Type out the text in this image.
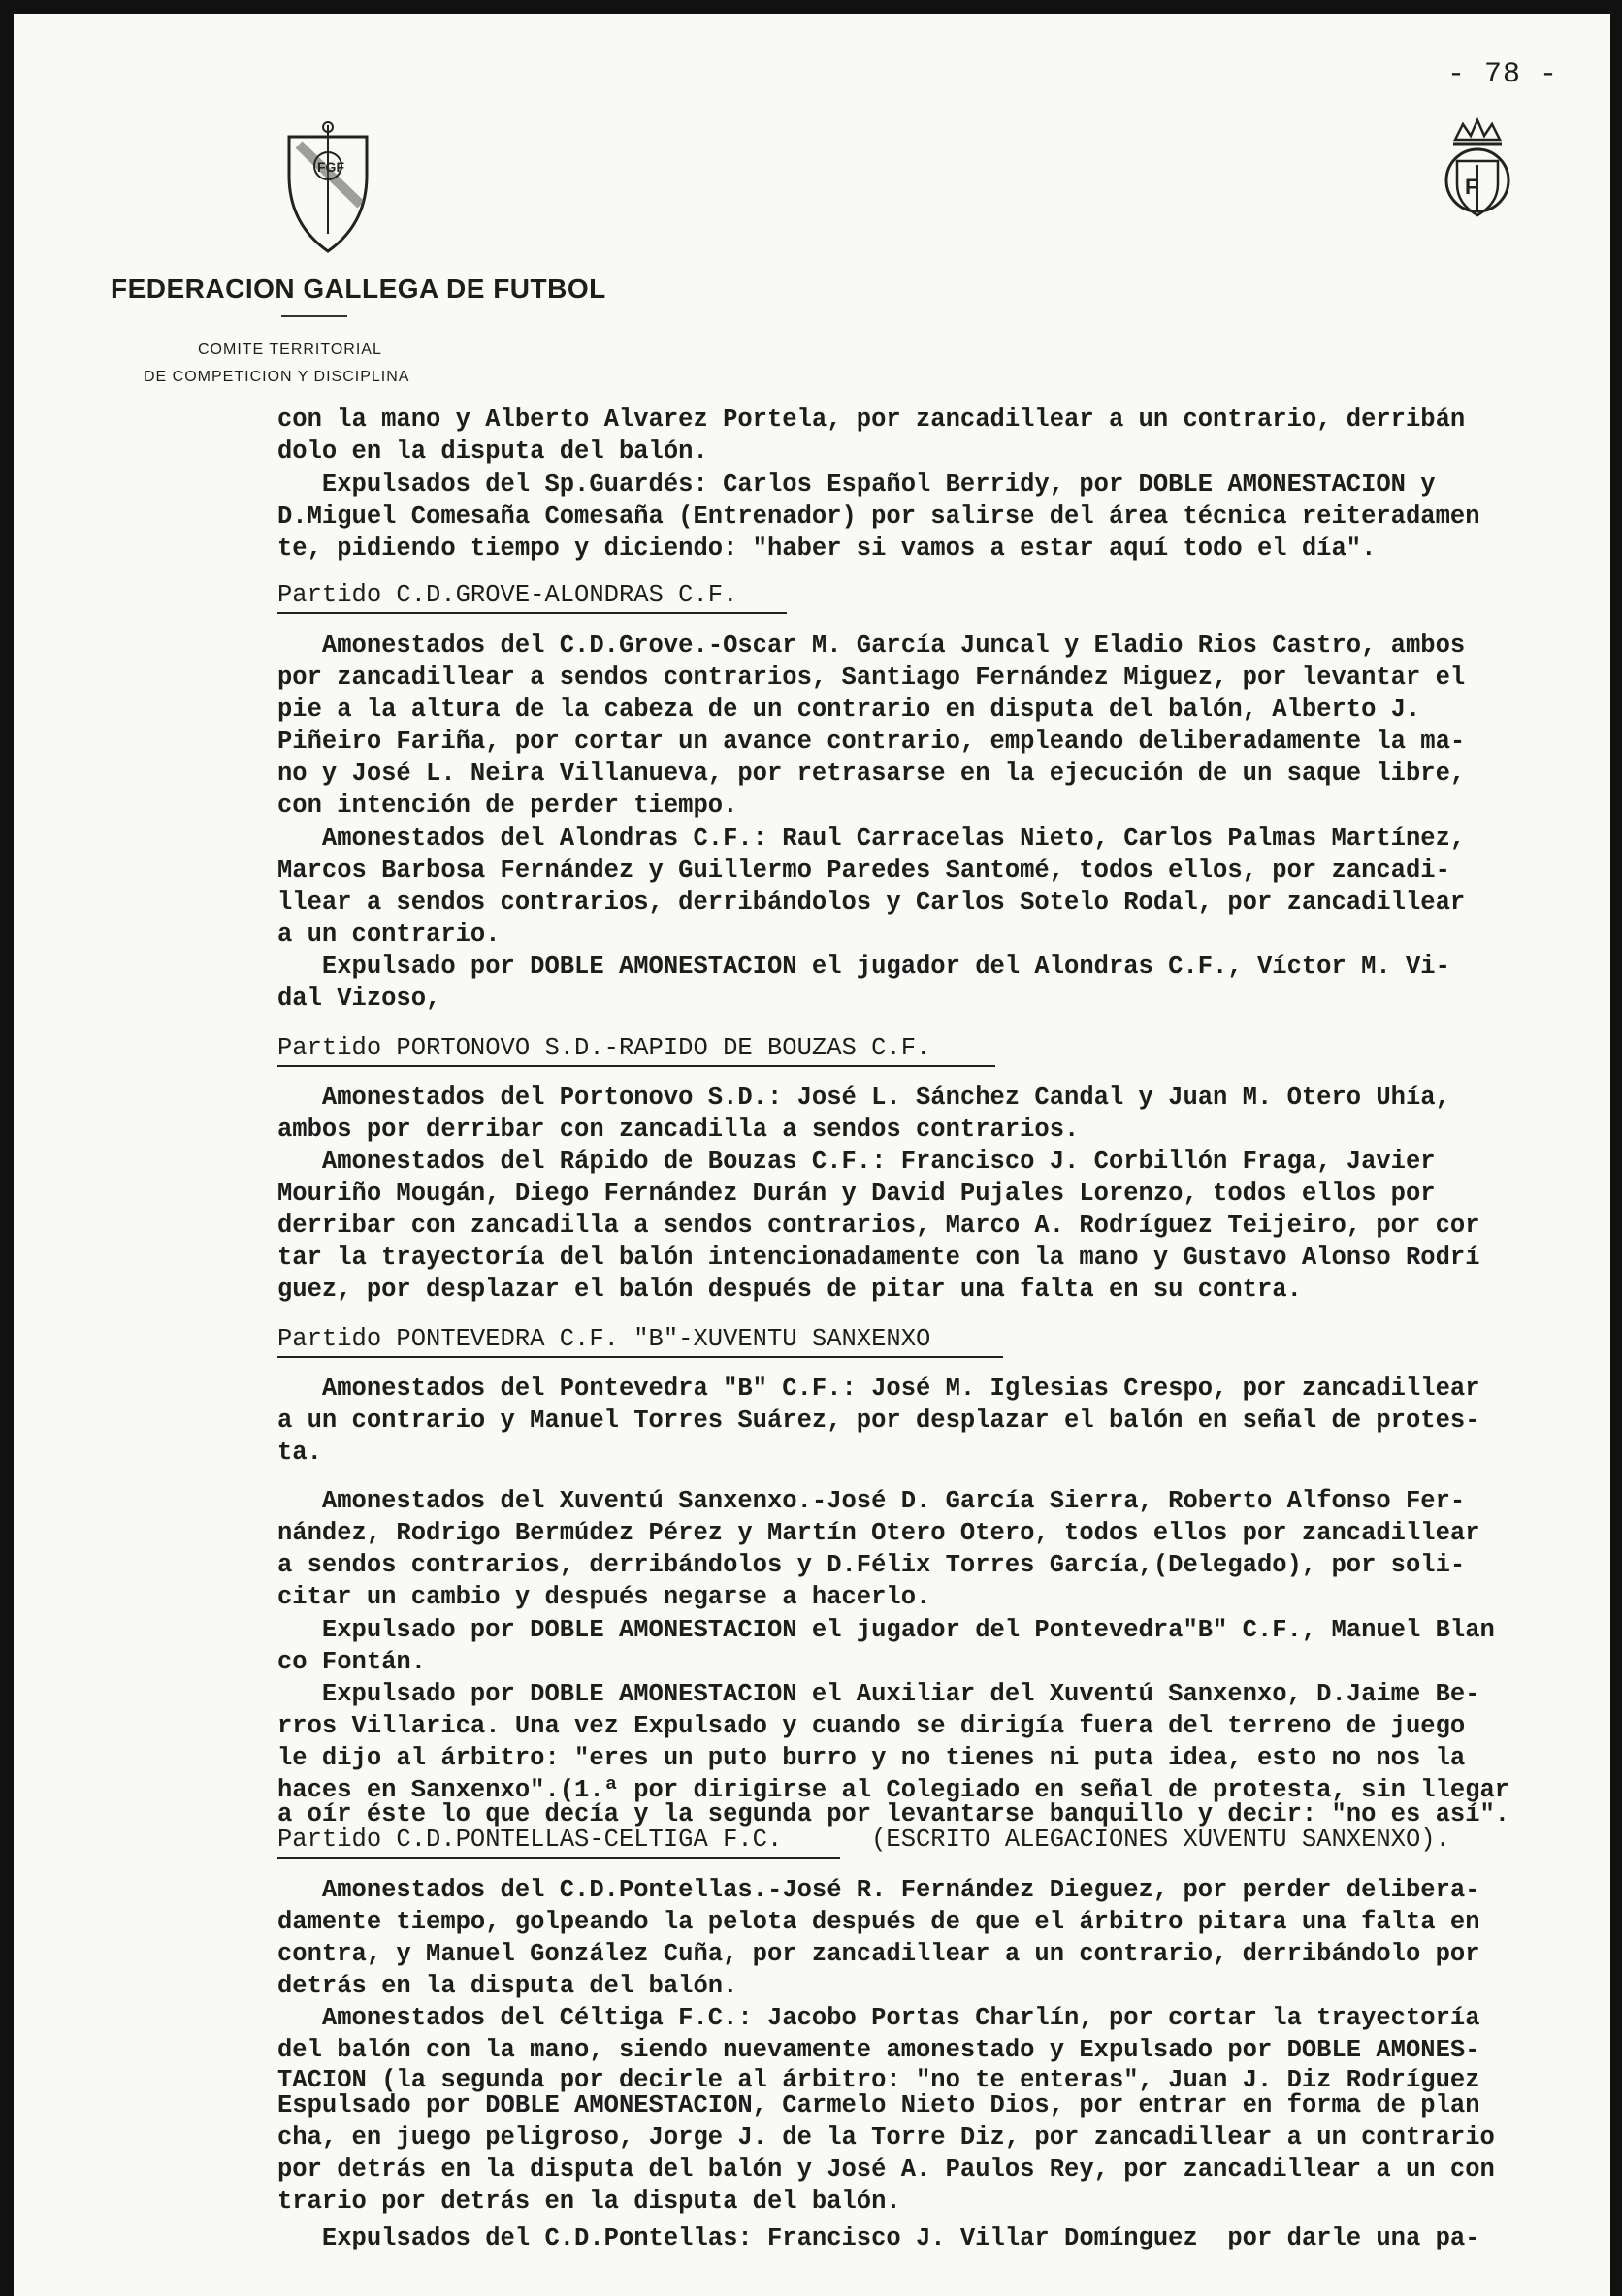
- 78 -
FGF
FEDERACION GALLEGA DE FUTBOL
COMITE TERRITORIAL
DE COMPETICION Y DISCIPLINA
F
con la mano y Alberto Alvarez Portela, por zancadillear a un contrario, derribán
dolo en la disputa del balón.
Expulsados del Sp.Guardés: Carlos Español Berridy, por DOBLE AMONESTACION y
D.Miguel Comesaña Comesaña (Entrenador) por salirse del área técnica reiteradamen
te, pidiendo tiempo y diciendo: "haber si vamos a estar aquí todo el día".
Partido C.D.GROVE-ALONDRAS C.F.
Amonestados del C.D.Grove.-Oscar M. García Juncal y Eladio Rios Castro, ambos
por zancadillear a sendos contrarios, Santiago Fernández Miguez, por levantar el
pie a la altura de la cabeza de un contrario en disputa del balón, Alberto J.
Piñeiro Fariña, por cortar un avance contrario, empleando deliberadamente la ma-
no y José L. Neira Villanueva, por retrasarse en la ejecución de un saque libre,
con intención de perder tiempo.
Amonestados del Alondras C.F.: Raul Carracelas Nieto, Carlos Palmas Martínez,
Marcos Barbosa Fernández y Guillermo Paredes Santomé, todos ellos, por zancadi-
llear a sendos contrarios, derribándolos y Carlos Sotelo Rodal, por zancadillear
a un contrario.
Expulsado por DOBLE AMONESTACION el jugador del Alondras C.F., Víctor M. Vi-
dal Vizoso,
Partido PORTONOVO S.D.-RAPIDO DE BOUZAS C.F.
Amonestados del Portonovo S.D.: José L. Sánchez Candal y Juan M. Otero Uhía,
ambos por derribar con zancadilla a sendos contrarios.
Amonestados del Rápido de Bouzas C.F.: Francisco J. Corbillón Fraga, Javier
Mouriño Mougán, Diego Fernández Durán y David Pujales Lorenzo, todos ellos por
derribar con zancadilla a sendos contrarios, Marco A. Rodríguez Teijeiro, por cor
tar la trayectoría del balón intencionadamente con la mano y Gustavo Alonso Rodrí
guez, por desplazar el balón después de pitar una falta en su contra.
Partido PONTEVEDRA C.F. "B"-XUVENTU SANXENXO
Amonestados del Pontevedra "B" C.F.: José M. Iglesias Crespo, por zancadillear
a un contrario y Manuel Torres Suárez, por desplazar el balón en señal de protes-
ta.
Amonestados del Xuventú Sanxenxo.-José D. García Sierra, Roberto Alfonso Fer-
nández, Rodrigo Bermúdez Pérez y Martín Otero Otero, todos ellos por zancadillear
a sendos contrarios, derribándolos y D.Félix Torres García,(Delegado), por soli-
citar un cambio y después negarse a hacerlo.
Expulsado por DOBLE AMONESTACION el jugador del Pontevedra"B" C.F., Manuel Blan
co Fontán.
Expulsado por DOBLE AMONESTACION el Auxiliar del Xuventú Sanxenxo, D.Jaime Be-
rros Villarica. Una vez Expulsado y cuando se dirigía fuera del terreno de juego
le dijo al árbitro: "eres un puto burro y no tienes ni puta idea, esto no nos la
haces en Sanxenxo".(1.ª por dirigirse al Colegiado en señal de protesta, sin llegar
a oír éste lo que decía y la segunda por levantarse banquillo y decir: "no es así".
Partido C.D.PONTELLAS-CELTIGA F.C.      (ESCRITO ALEGACIONES XUVENTU SANXENXO).
Amonestados del C.D.Pontellas.-José R. Fernández Dieguez, por perder delibera-
damente tiempo, golpeando la pelota después de que el árbitro pitara una falta en
contra, y Manuel González Cuña, por zancadillear a un contrario, derribándolo por
detrás en la disputa del balón.
Amonestados del Céltiga F.C.: Jacobo Portas Charlín, por cortar la trayectoría
del balón con la mano, siendo nuevamente amonestado y Expulsado por DOBLE AMONES-
TACION (la segunda por decirle al árbitro: "no te enteras", Juan J. Diz Rodríguez
Espulsado por DOBLE AMONESTACION, Carmelo Nieto Dios, por entrar en forma de plan
cha, en juego peligroso, Jorge J. de la Torre Diz, por zancadillear a un contrario
por detrás en la disputa del balón y José A. Paulos Rey, por zancadillear a un con
trario por detrás en la disputa del balón.
Expulsados del C.D.Pontellas: Francisco J. Villar Domínguez  por darle una pa-
